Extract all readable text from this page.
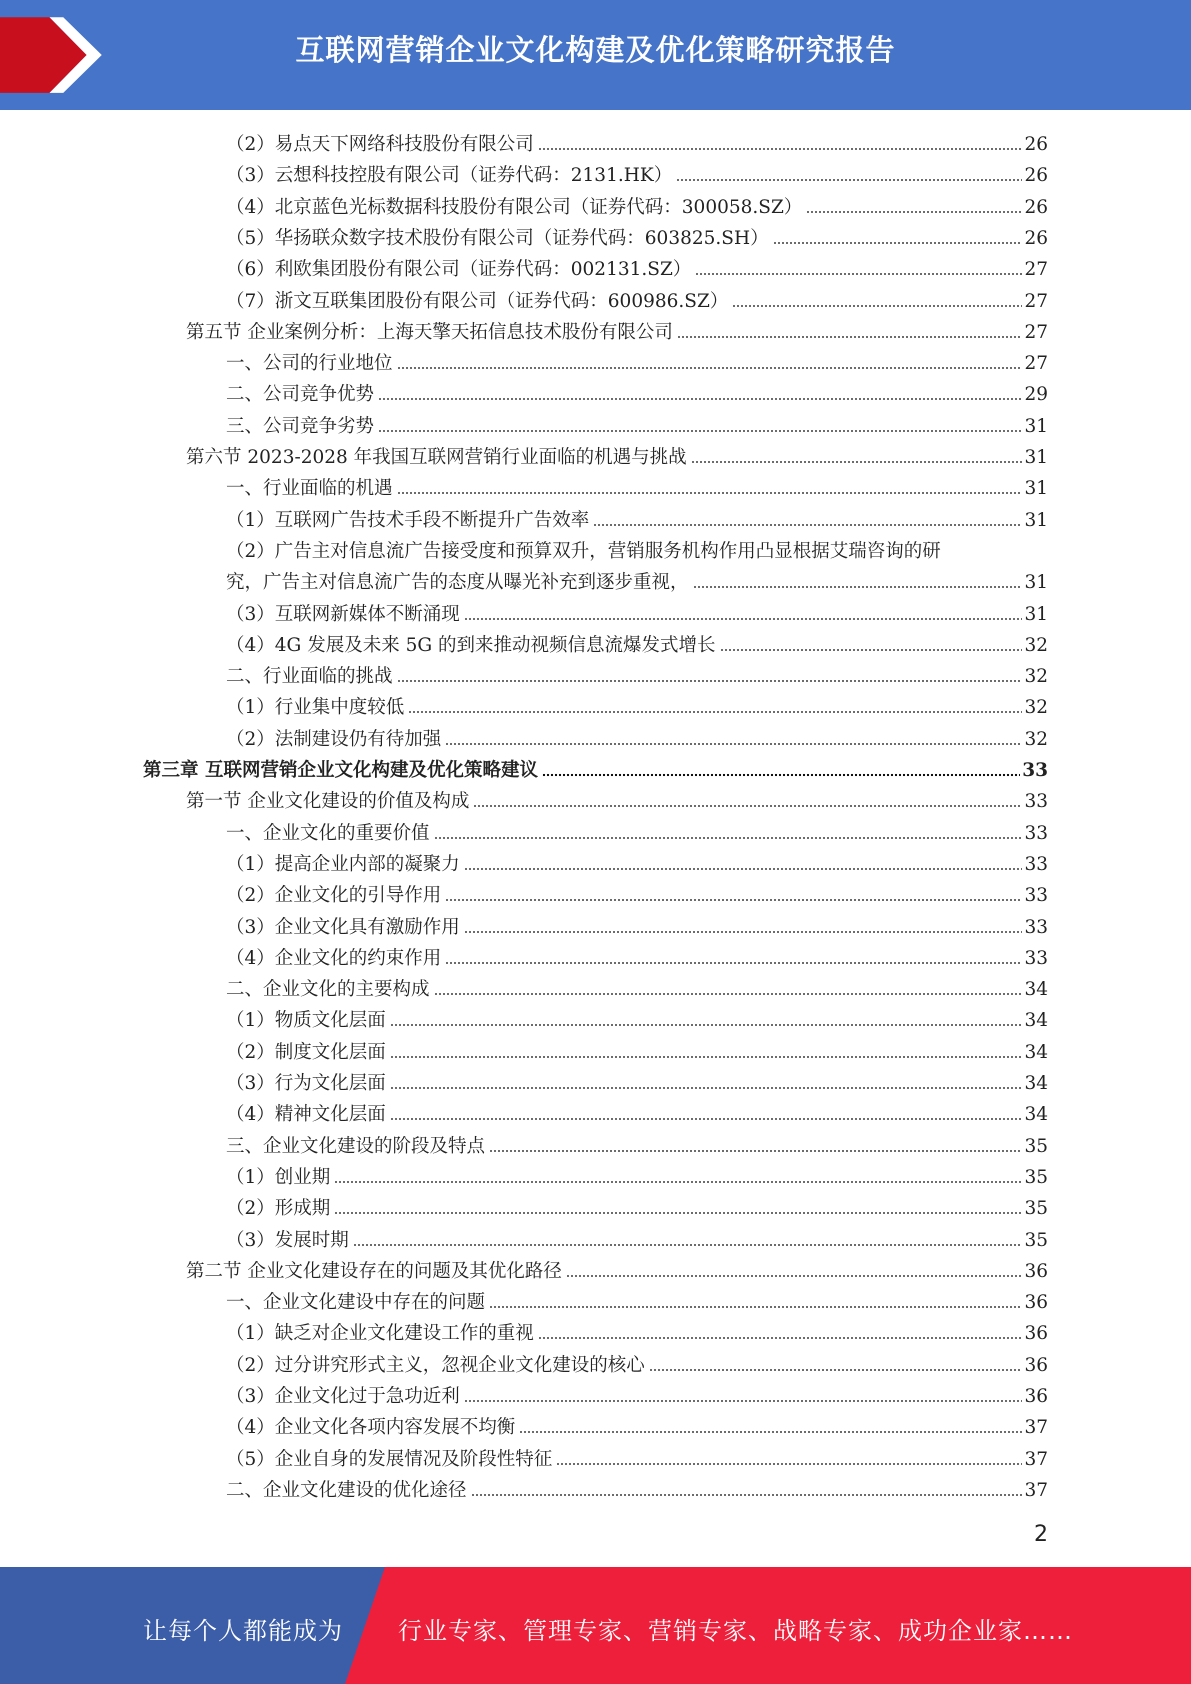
互联网营销企业文化构建及优化策略研究报告
（2）易点天下网络科技股份有限公司	26
（3）云想科技控股有限公司（证券代码：2131.HK）	26
（4）北京蓝色光标数据科技股份有限公司（证券代码：300058.SZ）	26
（5）华扬联众数字技术股份有限公司（证券代码：603825.SH）	26
（6）利欧集团股份有限公司（证券代码：002131.SZ）	27
（7）浙文互联集团股份有限公司（证券代码：600986.SZ）	27
第五节 企业案例分析：上海天擎天拓信息技术股份有限公司	27
一、公司的行业地位	27
二、公司竞争优势	29
三、公司竞争劣势	31
第六节 2023-2028 年我国互联网营销行业面临的机遇与挑战	31
一、行业面临的机遇	31
（1）互联网广告技术手段不断提升广告效率	31
（2）广告主对信息流广告接受度和预算双升，营销服务机构作用凸显根据艾瑞咨询的研
究，广告主对信息流广告的态度从曝光补充到逐步重视，	31
（3）互联网新媒体不断涌现	31
（4）4G 发展及未来 5G 的到来推动视频信息流爆发式增长	32
二、行业面临的挑战	32
（1）行业集中度较低	32
（2）法制建设仍有待加强	32
第三章 互联网营销企业文化构建及优化策略建议	33
第一节 企业文化建设的价值及构成	33
一、企业文化的重要价值	33
（1）提高企业内部的凝聚力	33
（2）企业文化的引导作用	33
（3）企业文化具有激励作用	33
（4）企业文化的约束作用	33
二、企业文化的主要构成	34
（1）物质文化层面	34
（2）制度文化层面	34
（3）行为文化层面	34
（4）精神文化层面	34
三、企业文化建设的阶段及特点	35
（1）创业期	35
（2）形成期	35
（3）发展时期	35
第二节 企业文化建设存在的问题及其优化路径	36
一、企业文化建设中存在的问题	36
（1）缺乏对企业文化建设工作的重视	36
（2）过分讲究形式主义，忽视企业文化建设的核心	36
（3）企业文化过于急功近利	36
（4）企业文化各项内容发展不均衡	37
（5）企业自身的发展情况及阶段性特征	37
二、企业文化建设的优化途径	37
2
让每个人都能成为 行业专家、管理专家、营销专家、战略专家、成功企业家……
